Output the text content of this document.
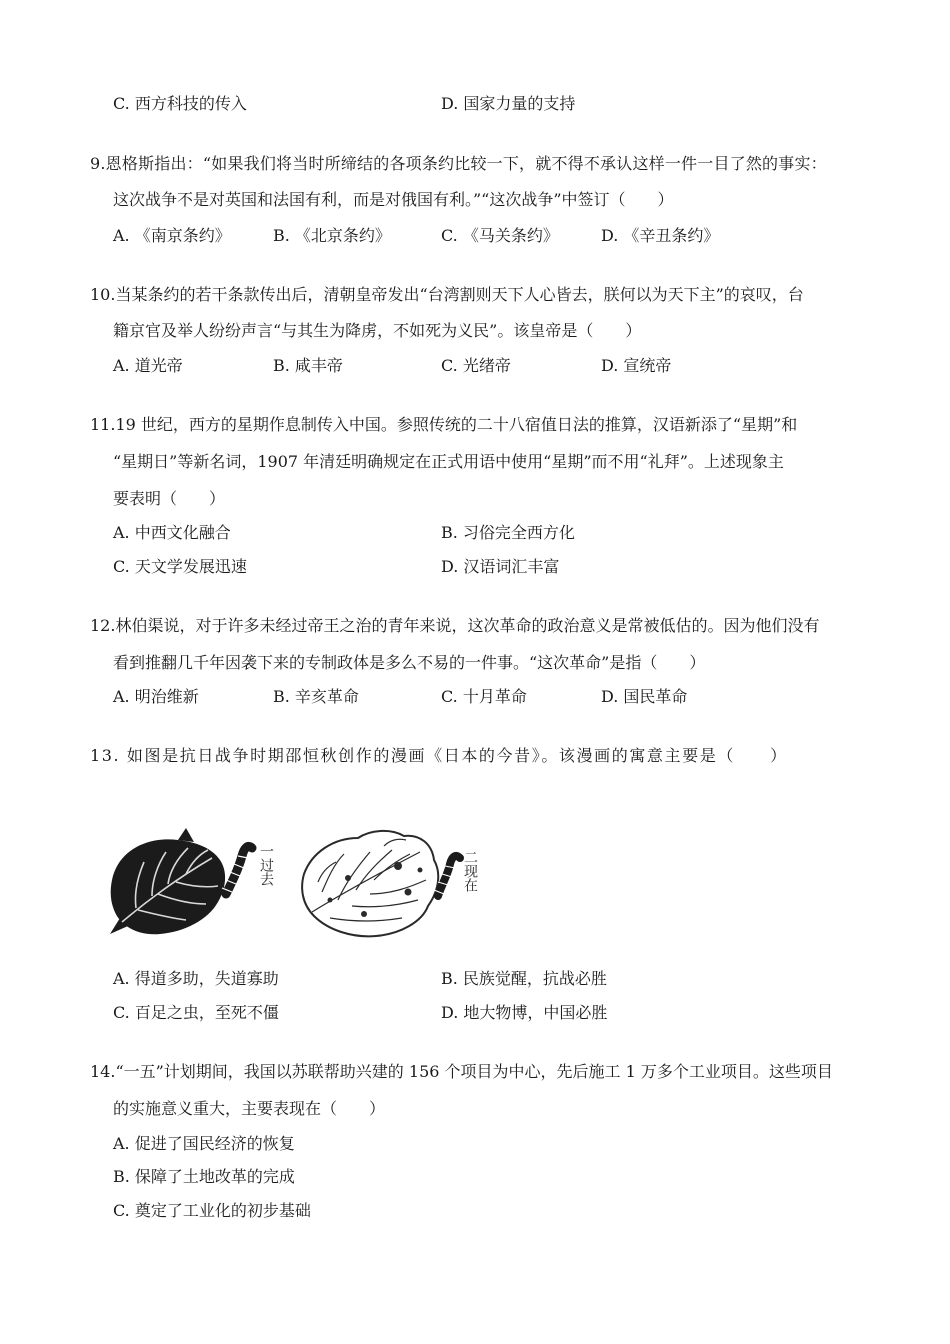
C. 西方科技的传入	D. 国家力量的支持
9.恩格斯指出：“如果我们将当时所缔结的各项条约比较一下，就不得不承认这样一件一目了然的事实：
这次战争不是对英国和法国有利，而是对俄国有利。”“这次战争”中签订（　　）
A. 《南京条约》	B. 《北京条约》	C. 《马关条约》	D. 《辛丑条约》
10.当某条约的若干条款传出后，清朝皇帝发出“台湾割则天下人心皆去，朕何以为天下主”的哀叹，台
籍京官及举人纷纷声言“与其生为降虏，不如死为义民”。该皇帝是（　　）
A. 道光帝	B. 咸丰帝	C. 光绪帝	D. 宣统帝
11.19 世纪，西方的星期作息制传入中国。参照传统的二十八宿值日法的推算，汉语新添了“星期”和
“星期日”等新名词，1907 年清廷明确规定在正式用语中使用“星期”而不用“礼拜”。上述现象主
要表明（　　）
A. 中西文化融合	B. 习俗完全西方化
C. 天文学发展迅速	D. 汉语词汇丰富
12.林伯渠说，对于许多未经过帝王之治的青年来说，这次革命的政治意义是常被低估的。因为他们没有
看到推翻几千年因袭下来的专制政体是多么不易的一件事。“这次革命”是指（　　）
A. 明治维新	B. 辛亥革命	C. 十月革命	D. 国民革命
13. 如图是抗日战争时期邵恒秋创作的漫画《日本的今昔》。该漫画的寓意主要是（　　）
一过去	二现在
A. 得道多助，失道寡助	B. 民族觉醒，抗战必胜
C. 百足之虫，至死不僵	D. 地大物博，中国必胜
14.“一五”计划期间，我国以苏联帮助兴建的 156 个项目为中心，先后施工 1 万多个工业项目。这些项目
的实施意义重大，主要表现在（　　）
A. 促进了国民经济的恢复
B. 保障了土地改革的完成
C. 奠定了工业化的初步基础
